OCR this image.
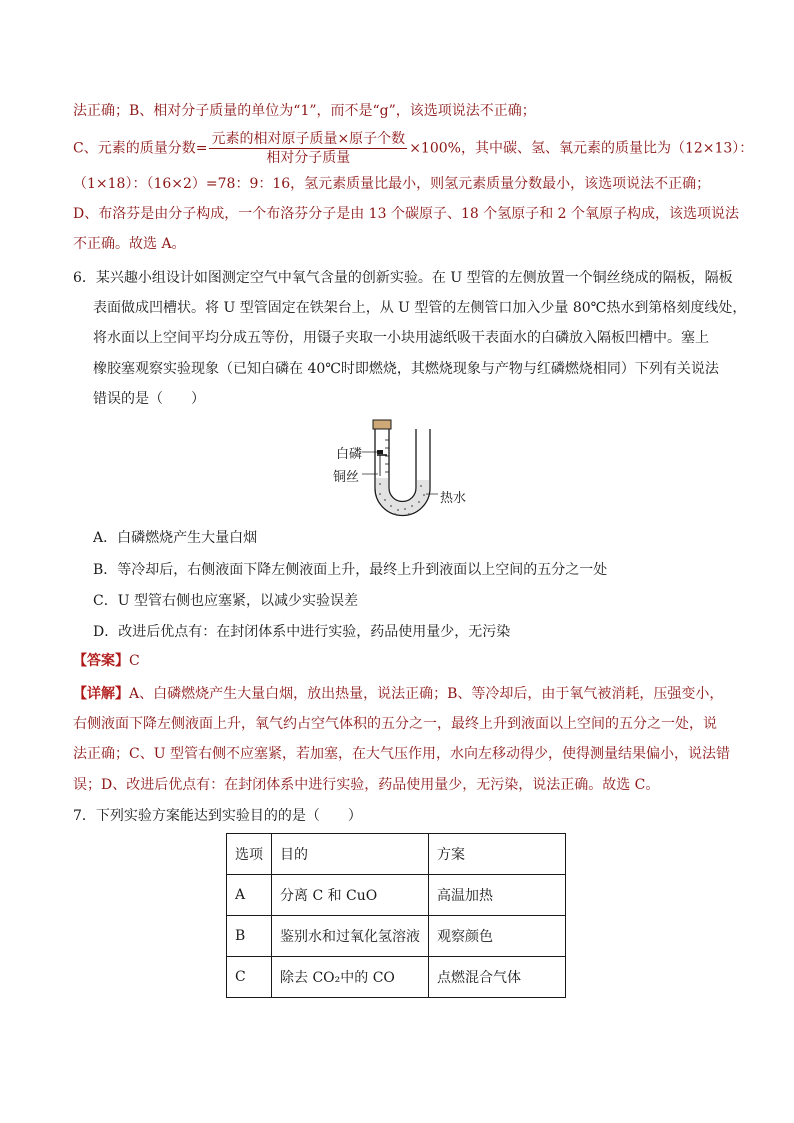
法正确；B、相对分子质量的单位为“1”，而不是“g”，该选项说法不正确；
C、元素的质量分数= $\frac{\text{元素的相对原子质量×原子个数}}{\text{相对分子质量}} \times 100\%$，其中碳、氢、氧元素的质量比为（12×13）：
（1×18）：（16×2）=78：9：16，氢元素质量比最小，则氢元素质量分数最小，该选项说法不正确；
D、布洛芬是由分子构成，一个布洛芬分子是由 13 个碳原子、18 个氢原子和 2 个氧原子构成，该选项说法
不正确。故选 A。
6．某兴趣小组设计如图测定空气中氧气含量的创新实验。在 U 型管的左侧放置一个铜丝绕成的隔板，隔板
表面做成凹槽状。将 U 型管固定在铁架台上，从 U 型管的左侧管口加入少量 80℃热水到第格刻度线处，
将水面以上空间平均分成五等份，用镊子夹取一小块用滤纸吸干表面水的白磷放入隔板凹槽中。塞上
橡胶塞观察实验现象（已知白磷在 40℃时即燃烧，其燃烧现象与产物与红磷燃烧相同）下列有关说法
错误的是（　　）
白磷
铜丝
热水
A．白磷燃烧产生大量白烟
B．等冷却后，右侧液面下降左侧液面上升，最终上升到液面以上空间的五分之一处
C．U 型管右侧也应塞紧，以减少实验误差
D．改进后优点有：在封闭体系中进行实验，药品使用量少，无污染
【答案】C
【详解】A、白磷燃烧产生大量白烟，放出热量，说法正确；B、等冷却后，由于氧气被消耗，压强变小，
右侧液面下降左侧液面上升，氧气约占空气体积的五分之一，最终上升到液面以上空间的五分之一处，说
法正确；C、U 型管右侧不应塞紧，若加塞，在大气压作用，水向左移动得少，使得测量结果偏小，说法错
误；D、改进后优点有：在封闭体系中进行实验，药品使用量少，无污染，说法正确。故选 C。
7．下列实验方案能达到实验目的的是（　　）
选项	目的	方案
A	分离 C 和 CuO	高温加热
B	鉴别水和过氧化氢溶液	观察颜色
C	除去 CO₂中的 CO	点燃混合气体
